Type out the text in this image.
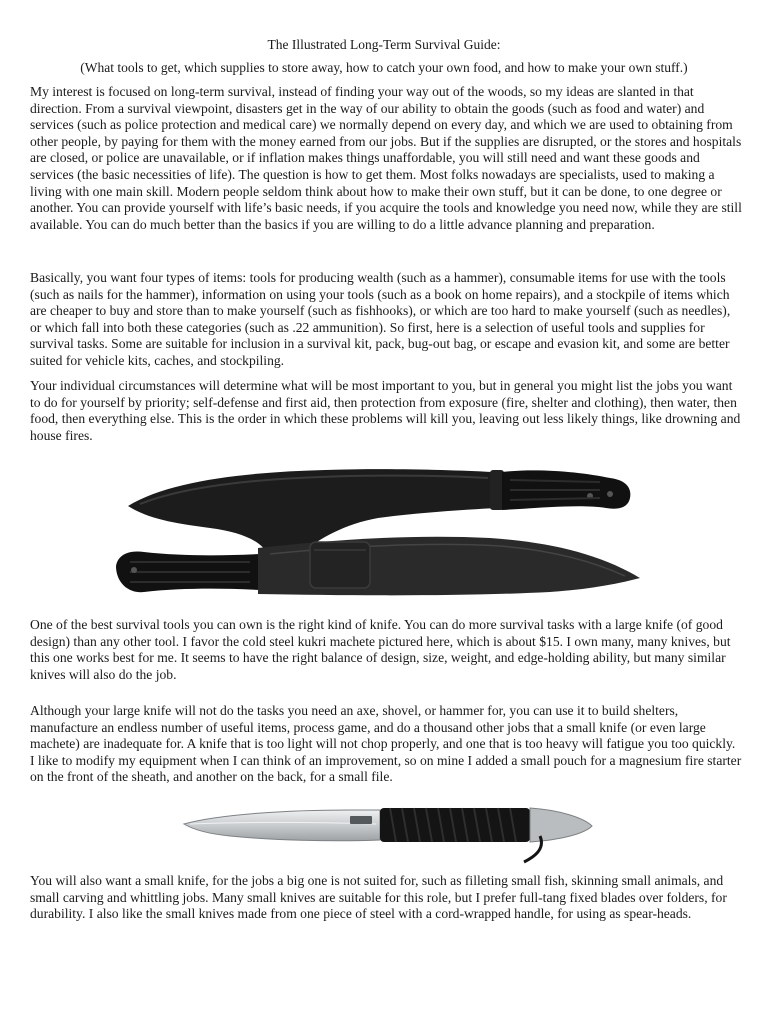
The Illustrated Long-Term Survival Guide:
(What tools to get, which supplies to store away, how to catch your own food, and how to make your own stuff.)

My interest is focused on long-term survival, instead of finding your way out of the woods, so my ideas are slanted in that direction. From a survival viewpoint, disasters get in the way of our ability to obtain the goods (such as food and water) and services (such as police protection and medical care) we normally depend on every day, and which we are used to obtaining from other people, by paying for them with the money earned from our jobs. But if the supplies are disrupted, or the stores and hospitals are closed, or police are unavailable, or if inflation makes things unaffordable, you will still need and want these goods and services (the basic necessities of life). The question is how to get them. Most folks nowadays are specialists, used to making a living with one main skill. Modern people seldom think about how to make their own stuff, but it can be done, to one degree or another. You can provide yourself with life’s basic needs, if you acquire the tools and knowledge you need now, while they are still available. You can do much better than the basics if you are willing to do a little advance planning and preparation.

Basically, you want four types of items: tools for producing wealth (such as a hammer), consumable items for use with the tools (such as nails for the hammer), information on using your tools (such as a book on home repairs), and a stockpile of items which are cheaper to buy and store than to make yourself (such as fishhooks), or which are too hard to make yourself (such as needles), or which fall into both these categories (such as .22 ammunition). So first, here is a selection of useful tools and supplies for survival tasks. Some are suitable for inclusion in a survival kit, pack, bug-out bag, or escape and evasion kit, and some are better suited for vehicle kits, caches, and stockpiling.

Your individual circumstances will determine what will be most important to you, but in general you might list the jobs you want to do for yourself by priority; self-defense and first aid, then protection from exposure (fire, shelter and clothing), then water, then food, then everything else. This is the order in which these problems will kill you, leaving out less likely things, like drowning and house fires.

One of the best survival tools you can own is the right kind of knife. You can do more survival tasks with a large knife (of good design) than any other tool. I favor the cold steel kukri machete pictured here, which is about $15. I own many, many knives, but this one works best for me. It seems to have the right balance of design, size, weight, and edge-holding ability, but many similar knives will also do the job.

Although your large knife will not do the tasks you need an axe, shovel, or hammer for, you can use it to build shelters, manufacture an endless number of useful items, process game, and do a thousand other jobs that a small knife (or even large machete) are inadequate for. A knife that is too light will not chop properly, and one that is too heavy will fatigue you too quickly. I like to modify my equipment when I can think of an improvement, so on mine I added a small pouch for a magnesium fire starter on the front of the sheath, and another on the back, for a small file.

You will also want a small knife, for the jobs a big one is not suited for, such as filleting small fish, skinning small animals, and small carving and whittling jobs. Many small knives are suitable for this role, but I prefer full-tang fixed blades over folders, for durability. I also like the small knives made from one piece of steel with a cord-wrapped handle, for using as spear-heads.
